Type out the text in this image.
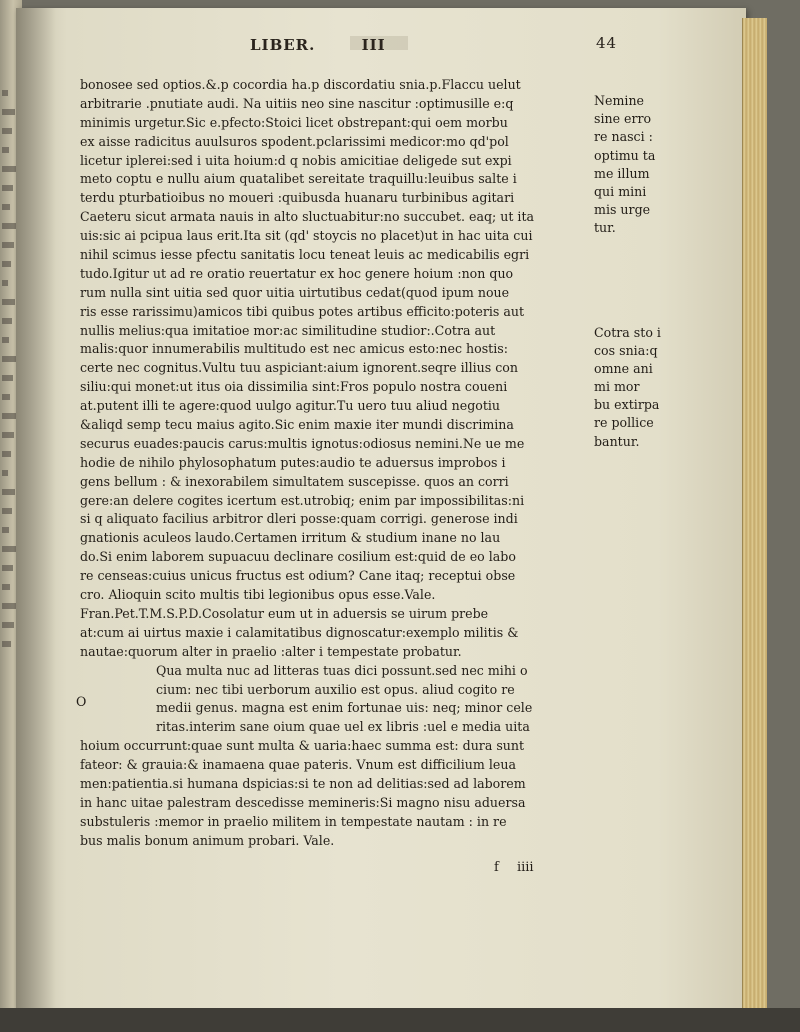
LIBER.	III	44
bonosee sed optios.&.p cocordia ha.p discordatiu snia.p.Flaccu uelut
arbitrarie .pnutiate audi. Na uitiis neo sine nascitur :optimusille e:q
minimis urgetur.Sic e.pfecto:Stoici licet obstrepant:qui oem morbu
ex aisse radicitus auulsuros spodent.pclarissimi medicor:mo qd'pol
licetur iplerei:sed i uita hoium:d q nobis amicitiae deligede sut expi
meto coptu e nullu aium quatalibet sereitate traquillu:leuibus salte i
terdu pturbatioibus no moueri :quibusda huanaru turbinibus agitari
Caeteru sicut armata nauis in alto sluctuabitur:no succubet. eaq; ut ita
uis:sic ai pcipua laus erit.Ita sit (qd' stoycis no placet)ut in hac uita cui
nihil scimus iesse pfectu sanitatis locu teneat leuis ac medicabilis egri
tudo.Igitur ut ad re oratio reuertatur ex hoc genere hoium :non quo
rum nulla sint uitia sed quor uitia uirtutibus cedat(quod ipum noue
ris esse rarissimu)amicos tibi quibus potes artibus efficito:poteris aut
nullis melius:qua imitatioe mor:ac similitudine studior:.Cotra aut
malis:quor innumerabilis multitudo est nec amicus esto:nec hostis:
certe nec cognitus.Vultu tuu aspiciant:aium ignorent.seqre illius con
siliu:qui monet:ut itus oia dissimilia sint:Fros populo nostra coueni
at.putent illi te agere:quod uulgo agitur.Tu uero tuu aliud negotiu
&aliqd semp tecu maius agito.Sic enim maxie iter mundi discrimina
securus euades:paucis carus:multis ignotus:odiosus nemini.Ne ue me
hodie de nihilo phylosophatum putes:audio te aduersus improbos i
gens bellum : & inexorabilem simultatem suscepisse. quos an corri
gere:an delere cogites icertum est.utrobiq; enim par impossibilitas:ni
si q aliquato facilius arbitror dleri posse:quam corrigi. generose indi
gnationis aculeos laudo.Certamen irritum & studium inane no lau
do.Si enim laborem supuacuu declinare cosilium est:quid de eo labo
re censeas:cuius unicus fructus est odium? Cane itaq; receptui obse
cro. Alioquin scito multis tibi legionibus opus esse.Vale.
Fran.Pet.T.M.S.P.D.Cosolatur eum ut in aduersis se uirum prebe
at:cum ai uirtus maxie i calamitatibus dignoscatur:exemplo militis &
nautae:quorum alter in praelio :alter i tempestate probatur.
Qua multa nuc ad litteras tuas dici possunt.sed nec mihi o
cium: nec tibi uerborum auxilio est opus. aliud cogito re
medii genus. magna est enim fortunae uis: neq; minor cele
ritas.interim sane oium quae uel ex libris :uel e media uita
hoium occurrunt:quae sunt multa & uaria:haec summa est: dura sunt
fateor: & grauia:& inamaena quae pateris. Vnum est difficilium leua
men:patientia.si humana dspicias:si te non ad delitias:sed ad laborem
in hanc uitae palestram descedisse memineris:Si magno nisu aduersa
substuleris :memor in praelio militem in tempestate nautam : in re
bus malis bonum animum probari. Vale.
O
Nemine
sine erro
re nasci :
optimu ta
me illum
qui mini
mis urge
tur.
Cotra sto i
cos snia:q
omne ani
mi mor
bu extirpa
re pollice
bantur.
f iiii
